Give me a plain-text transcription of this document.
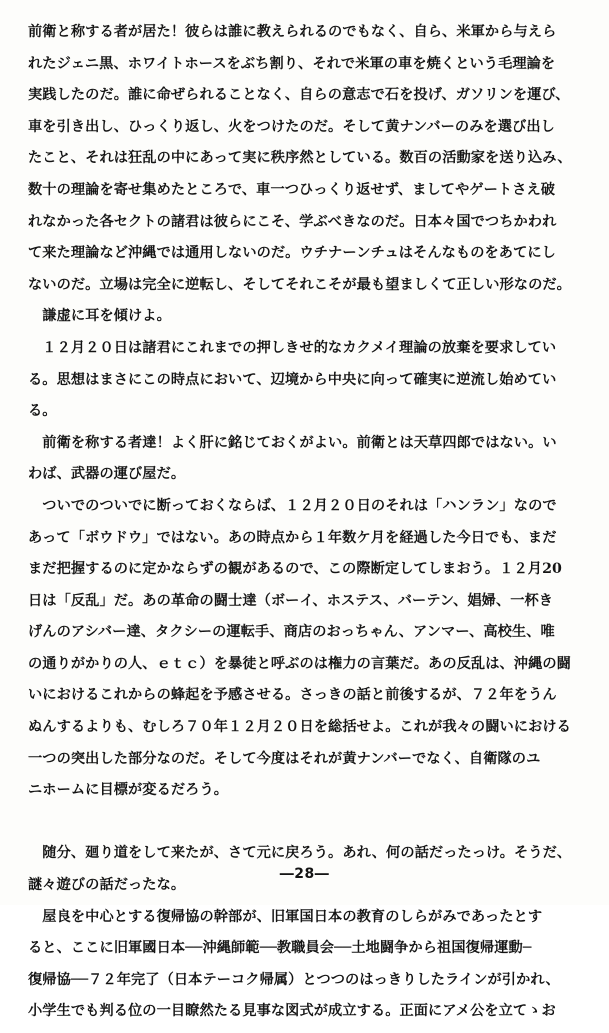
前衛と称する者が居た！彼らは誰に教えられるのでもなく、自ら、米軍から与えら
れたジェニ黒、ホワイトホースをぶち割り、それで米軍の車を焼くという毛理論を
実践したのだ。誰に命ぜられることなく、自らの意志で石を投げ、ガソリンを運び、
車を引き出し、ひっくり返し、火をつけたのだ。そして黄ナンバーのみを選び出し
たこと、それは狂乱の中にあって実に秩序然としている。数百の活動家を送り込み、
数十の理論を寄せ集めたところで、車一つひっくり返せず、ましてやゲートさえ破
れなかった各セクトの諸君は彼らにこそ、学ぶべきなのだ。日本々国でつちかわれ
て来た理論など沖縄では通用しないのだ。ウチナーンチュはそんなものをあてにし
ないのだ。立場は完全に逆転し、そしてそれこそが最も望ましくて正しい形なのだ。
　謙虚に耳を傾けよ。
　１２月２０日は諸君にこれまでの押しきせ的なカクメイ理論の放棄を要求してい
る。思想はまさにこの時点において、辺境から中央に向って確実に逆流し始めてい
る。
　前衛を称する者達！よく肝に銘じておくがよい。前衛とは天草四郎ではない。い
わば、武器の運び屋だ。
　ついでのついでに断っておくならば、１２月２０日のそれは「ハンラン」なので
あって「ボウドウ」ではない。あの時点から１年数ケ月を経過した今日でも、まだ
まだ把握するのに定かならずの観があるので、この際断定してしまおう。１２月20
日は「反乱」だ。あの革命の闘士達（ボーイ、ホステス、バーテン、娼婦、一杯き
げんのアシバー達、タクシーの運転手、商店のおっちゃん、アンマー、高校生、唯
の通りがかりの人、ｅｔｃ）を暴徒と呼ぶのは権力の言葉だ。あの反乱は、沖縄の闘
いにおけるこれからの蜂起を予感させる。さっきの話と前後するが、７２年をうん
ぬんするよりも、むしろ７０年１２月２０日を総括せよ。これが我々の闘いにおける
一つの突出した部分なのだ。そして今度はそれが黄ナンバーでなく、自衛隊のユ
ニホームに目標が変るだろう。
　随分、廻り道をして来たが、さて元に戻ろう。あれ、何の話だったっけ。そうだ、
謎々遊びの話だったな。
　屋良を中心とする復帰協の幹部が、旧軍国日本の教育のしらがみであったとす
ると、ここに旧軍國日本──沖縄師範──教職員会──土地闘争から祖国復帰運動─
復帰協──７２年完了（日本テーコク帰属）とつつのはっきりしたラインが引かれ、
小学生でも判る位の一目瞭然たる見事な図式が成立する。正面にアメ公を立てゝお
―28―
